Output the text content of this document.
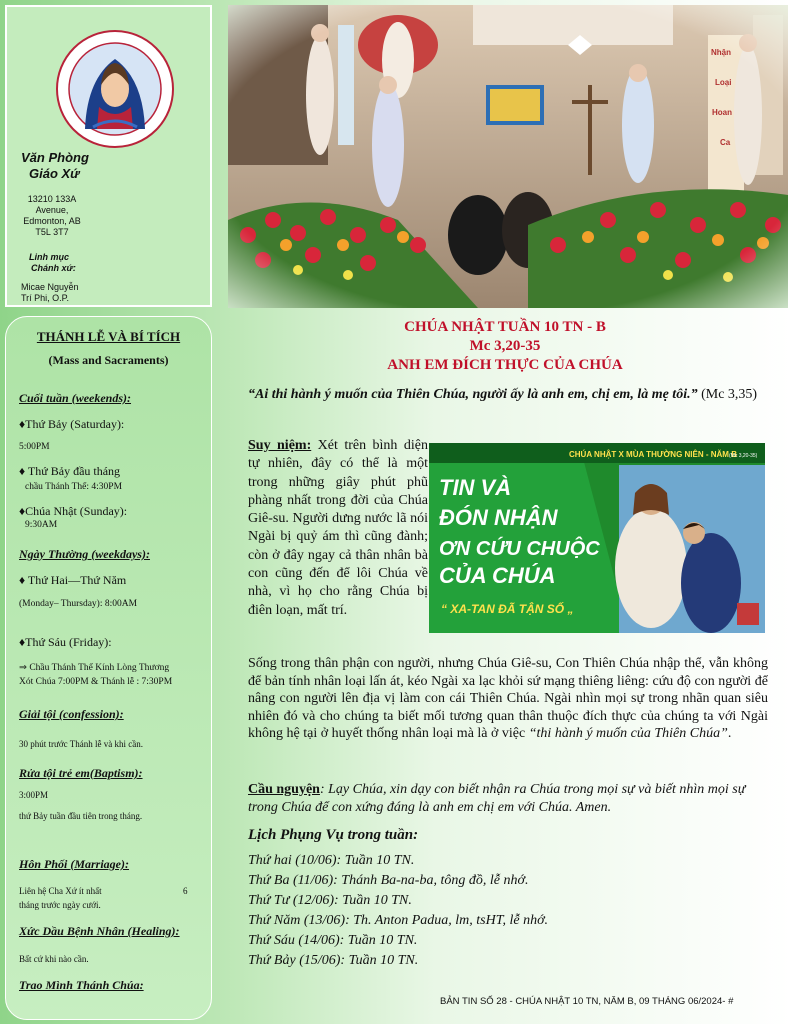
Văn Phòng
Giáo Xứ
13210 133A
Avenue,
Edmonton, AB
T5L 3T7
Linh mục
Chánh xứ:
Micae Nguyễn
Trí Phi, O.P.
THÁNH LỄ VÀ BÍ TÍCH
(Mass and Sacraments)
Cuối tuần (weekends):
♦Thứ Bảy (Saturday):
5:00PM
♦ Thứ Bảy đầu tháng
chầu Thánh Thể: 4:30PM
♦Chúa Nhật (Sunday):
9:30AM
Ngày Thường (weekdays):
♦ Thứ Hai—Thứ Năm
(Monday– Thursday): 8:00AM
♦Thứ Sáu (Friday):
⇒ Chầu Thánh Thể Kính Lòng Thương
Xót Chúa 7:00PM & Thánh lễ : 7:30PM
Giải tội (confession):
30 phút trước Thánh lễ và khi cần.
Rửa tội trẻ em(Baptism):
3:00PM
thứ Bảy tuần đầu tiên trong tháng.
Hôn Phối (Marriage):
Liên hệ Cha Xứ ít nhất	6
tháng trước ngày cưới.
Xức Dầu Bệnh Nhân (Healing):
Bất cứ khi nào cần.
Trao Mình Thánh Chúa:
CHÚA NHẬT TUẦN 10 TN - B
Mc 3,20-35
ANH EM ĐÍCH THỰC CỦA CHÚA
“Ai thi hành ý muốn của Thiên Chúa, người ấy là anh em, chị em, là mẹ tôi.” (Mc 3,35)
Suy niệm: Xét trên bình diện tự nhiên, đây có thể là một trong những giây phút phũ phàng nhất trong đời của Chúa Giê-su. Người dưng nước lã nói Ngài bị quỷ ám thì cũng đành; còn ở đây ngay cả thân nhân bà con cũng đến để lôi Chúa về nhà, vì họ cho rằng Chúa bị điên loạn, mất trí.
CHÚA NHẬT X MÙA THƯỜNG NIÊN - NĂM B
(Mc 3,20-35)
TIN VÀ
ĐÓN NHẬN
ƠN CỨU CHUỘC
CỦA CHÚA
“ XA-TAN ĐÃ TẬN SỐ „
Sống trong thân phận con người, nhưng Chúa Giê-su, Con Thiên Chúa nhập thể, vẫn không để bản tính nhân loại lấn át, kéo Ngài xa lạc khỏi sứ mạng thiêng liêng: cứu độ con người để nâng con người lên địa vị làm con cái Thiên Chúa. Ngài nhìn mọi sự trong nhãn quan siêu nhiên đó và cho chúng ta biết mối tương quan thân thuộc đích thực của chúng ta với Ngài không hệ tại ở huyết thống nhân loại mà là ở việc “thi hành ý muốn của Thiên Chúa”.
Cầu nguyện: Lạy Chúa, xin dạy con biết nhận ra Chúa trong mọi sự và biết nhìn mọi sự trong Chúa để con xứng đáng là anh em chị em với Chúa. Amen.
Lịch Phụng Vụ trong tuần:
Thứ hai (10/06): Tuần 10 TN.
Thứ Ba (11/06): Thánh Ba-na-ba, tông đồ, lễ nhớ.
Thứ Tư (12/06): Tuần 10 TN.
Thứ Năm (13/06): Th. Anton Padua, lm, tsHT, lễ nhớ.
Thứ Sáu (14/06): Tuần 10 TN.
Thứ Bảy (15/06): Tuần 10 TN.
BẢN TIN SỐ 28 - CHÚA NHẬT 10 TN, NĂM B, 09 THÁNG 06/2024- #
